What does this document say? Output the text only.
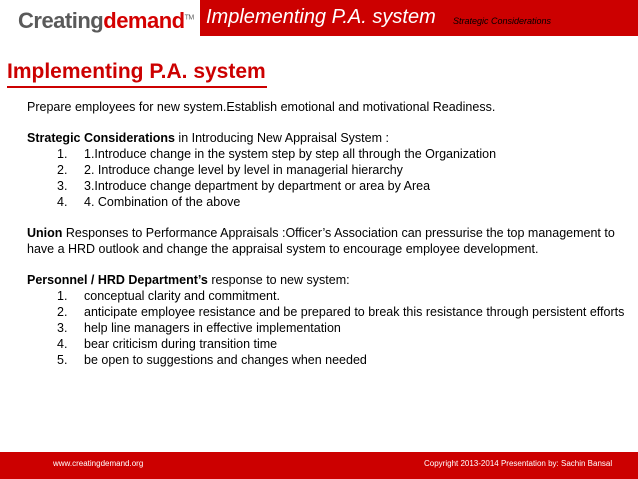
Creatingdemand™ Implementing P.A. system Strategic Considerations
Implementing P.A. system

Prepare employees for new system.Establish emotional and motivational Readiness.

Strategic Considerations in Introducing New Appraisal System :

1. 1.Introduce change in the system step by step all through the Organization
2. 2. Introduce change level by level in managerial hierarchy
3. 3.Introduce change department by department or area by Area
4. 4. Combination of the above

Union Responses to Performance Appraisals :Officer’s Association can pressurise the top management to have a HRD outlook and change the appraisal system to encourage employee development.

Personnel / HRD Department’s response to new system:

1. conceptual clarity and commitment.
2. anticipate employee resistance and be prepared to break this resistance through persistent efforts
3. help line managers in effective implementation
4. bear criticism during transition time
5. be open to suggestions and changes when needed
www.creatingdemand.org	Copyright 2013-2014 Presentation by: Sachin Bansal
